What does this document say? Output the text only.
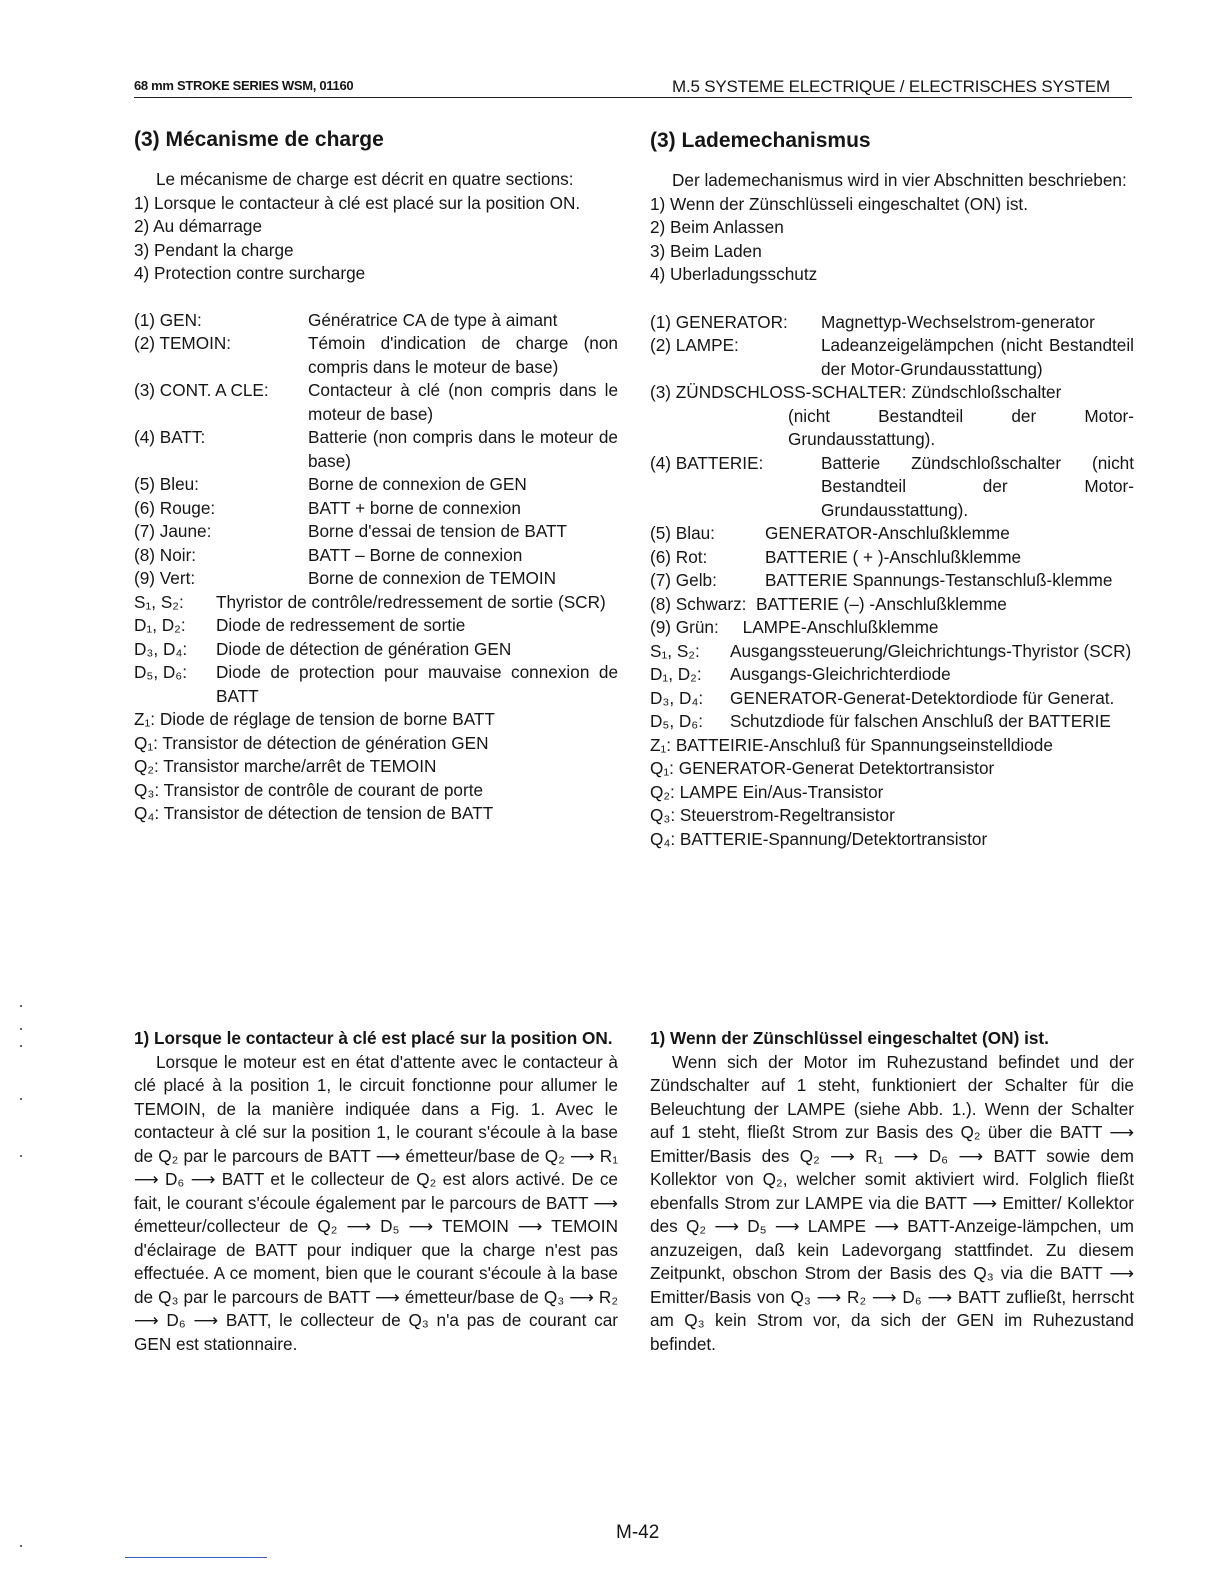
68 mm STROKE SERIES WSM, 01160	M.5 SYSTEME ELECTRIQUE / ELECTRISCHES SYSTEM
(3) Mécanisme de charge
Le mécanisme de charge est décrit en quatre sections:
1) Lorsque le contacteur à clé est placé sur la position ON.
2) Au démarrage
3) Pendant la charge
4) Protection contre surcharge
(1) GEN:	Génératrice CA de type à aimant
(2) TEMOIN:	Témoin d'indication de charge (non compris dans le moteur de base)
(3) CONT. A CLE:	Contacteur à clé (non compris dans le moteur de base)
(4) BATT:	Batterie (non compris dans le moteur de base)
(5) Bleu:	Borne de connexion de GEN
(6) Rouge:	BATT + borne de connexion
(7) Jaune:	Borne d'essai de tension de BATT
(8) Noir:	BATT – Borne de connexion
(9) Vert:	Borne de connexion de TEMOIN
S₁, S₂:	Thyristor de contrôle/redressement de sortie (SCR)
D₁, D₂:	Diode de redressement de sortie
D₃, D₄:	Diode de détection de génération GEN
D₅, D₆:	Diode de protection pour mauvaise connexion de BATT
Z₁: Diode de réglage de tension de borne BATT
Q₁: Transistor de détection de génération GEN
Q₂: Transistor marche/arrêt de TEMOIN
Q₃: Transistor de contrôle de courant de porte
Q₄: Transistor de détection de tension de BATT
1) Lorsque le contacteur à clé est placé sur la position ON.
Lorsque le moteur est en état d'attente avec le contacteur à clé placé à la position 1, le circuit fonctionne pour allumer le TEMOIN, de la manière indiquée dans a Fig. 1. Avec le contacteur à clé sur la position 1, le courant s'écoule à la base de Q₂ par le parcours de BATT ⟶ émetteur/base de Q₂ ⟶ R₁ ⟶ D₆ ⟶ BATT et le collecteur de Q₂ est alors activé. De ce fait, le courant s'écoule également par le parcours de BATT ⟶ émetteur/collecteur de Q₂ ⟶ D₅ ⟶ TEMOIN ⟶ TEMOIN d'éclairage de BATT pour indiquer que la charge n'est pas effectuée. A ce moment, bien que le courant s'écoule à la base de Q₃ par le parcours de BATT ⟶ émetteur/base de Q₃ ⟶ R₂ ⟶ D₆ ⟶ BATT, le collecteur de Q₃ n'a pas de courant car GEN est stationnaire.
(3) Lademechanismus
Der lademechanismus wird in vier Abschnitten beschrieben:
1) Wenn der Zünschlüsseli eingeschaltet (ON) ist.
2) Beim Anlassen
3) Beim Laden
4) Uberladungsschutz
(1) GENERATOR:	Magnettyp-Wechselstrom-generator
(2) LAMPE:	Ladeanzeigelämpchen (nicht Bestandteil der Motor-Grundausstattung)
(3) ZÜNDSCHLOSS-SCHALTER: Zündschloßschalter
(nicht Bestandteil der Motor-Grundausstattung).
(4) BATTERIE:	Batterie Zündschloßschalter (nicht Bestandteil der Motor-Grundausstattung).
(5) Blau:	GENERATOR-Anschlußklemme
(6) Rot:	BATTERIE ( + )-Anschlußklemme
(7) Gelb:	BATTERIE Spannungs-Testanschluß-klemme
(8) Schwarz:  BATTERIE (–) -Anschlußklemme
(9) Grün:     LAMPE-Anschlußklemme
S₁, S₂:	Ausgangssteuerung/Gleichrichtungs-Thyristor (SCR)
D₁, D₂:	Ausgangs-Gleichrichterdiode
D₃, D₄:	GENERATOR-Generat-Detektordiode für Generat.
D₅, D₆:	Schutzdiode für falschen Anschluß der BATTERIE
Z₁: BATTEIRIE-Anschluß für Spannungseinstelldiode
Q₁: GENERATOR-Generat Detektortransistor
Q₂: LAMPE Ein/Aus-Transistor
Q₃: Steuerstrom-Regeltransistor
Q₄: BATTERIE-Spannung/Detektortransistor
1) Wenn der Zünschlüssel eingeschaltet (ON) ist.
Wenn sich der Motor im Ruhezustand befindet und der Zündschalter auf 1 steht, funktioniert der Schalter für die Beleuchtung der LAMPE (siehe Abb. 1.). Wenn der Schalter auf 1 steht, fließt Strom zur Basis des Q₂ über die BATT ⟶ Emitter/Basis des Q₂ ⟶ R₁ ⟶ D₆ ⟶ BATT sowie dem Kollektor von Q₂, welcher somit aktiviert wird. Folglich fließt ebenfalls Strom zur LAMPE via die BATT ⟶ Emitter/ Kollektor des Q₂ ⟶ D₅ ⟶ LAMPE ⟶ BATT-Anzeige-lämpchen, um anzuzeigen, daß kein Ladevorgang stattfindet. Zu diesem Zeitpunkt, obschon Strom der Basis des Q₃ via die BATT ⟶ Emitter/Basis von Q₃ ⟶ R₂ ⟶ D₆ ⟶ BATT zufließt, herrscht am Q₃ kein Strom vor, da sich der GEN im Ruhezustand befindet.
M-42
